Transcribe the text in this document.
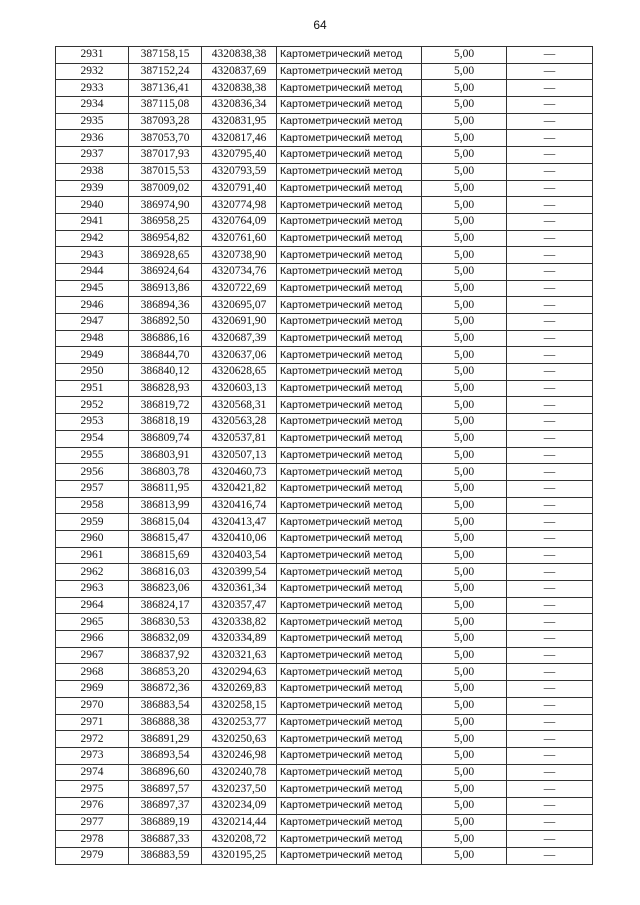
64
2931	387158,15	4320838,38	Картометрический метод	5,00	—
2932	387152,24	4320837,69	Картометрический метод	5,00	—
2933	387136,41	4320838,38	Картометрический метод	5,00	—
2934	387115,08	4320836,34	Картометрический метод	5,00	—
2935	387093,28	4320831,95	Картометрический метод	5,00	—
2936	387053,70	4320817,46	Картометрический метод	5,00	—
2937	387017,93	4320795,40	Картометрический метод	5,00	—
2938	387015,53	4320793,59	Картометрический метод	5,00	—
2939	387009,02	4320791,40	Картометрический метод	5,00	—
2940	386974,90	4320774,98	Картометрический метод	5,00	—
2941	386958,25	4320764,09	Картометрический метод	5,00	—
2942	386954,82	4320761,60	Картометрический метод	5,00	—
2943	386928,65	4320738,90	Картометрический метод	5,00	—
2944	386924,64	4320734,76	Картометрический метод	5,00	—
2945	386913,86	4320722,69	Картометрический метод	5,00	—
2946	386894,36	4320695,07	Картометрический метод	5,00	—
2947	386892,50	4320691,90	Картометрический метод	5,00	—
2948	386886,16	4320687,39	Картометрический метод	5,00	—
2949	386844,70	4320637,06	Картометрический метод	5,00	—
2950	386840,12	4320628,65	Картометрический метод	5,00	—
2951	386828,93	4320603,13	Картометрический метод	5,00	—
2952	386819,72	4320568,31	Картометрический метод	5,00	—
2953	386818,19	4320563,28	Картометрический метод	5,00	—
2954	386809,74	4320537,81	Картометрический метод	5,00	—
2955	386803,91	4320507,13	Картометрический метод	5,00	—
2956	386803,78	4320460,73	Картометрический метод	5,00	—
2957	386811,95	4320421,82	Картометрический метод	5,00	—
2958	386813,99	4320416,74	Картометрический метод	5,00	—
2959	386815,04	4320413,47	Картометрический метод	5,00	—
2960	386815,47	4320410,06	Картометрический метод	5,00	—
2961	386815,69	4320403,54	Картометрический метод	5,00	—
2962	386816,03	4320399,54	Картометрический метод	5,00	—
2963	386823,06	4320361,34	Картометрический метод	5,00	—
2964	386824,17	4320357,47	Картометрический метод	5,00	—
2965	386830,53	4320338,82	Картометрический метод	5,00	—
2966	386832,09	4320334,89	Картометрический метод	5,00	—
2967	386837,92	4320321,63	Картометрический метод	5,00	—
2968	386853,20	4320294,63	Картометрический метод	5,00	—
2969	386872,36	4320269,83	Картометрический метод	5,00	—
2970	386883,54	4320258,15	Картометрический метод	5,00	—
2971	386888,38	4320253,77	Картометрический метод	5,00	—
2972	386891,29	4320250,63	Картометрический метод	5,00	—
2973	386893,54	4320246,98	Картометрический метод	5,00	—
2974	386896,60	4320240,78	Картометрический метод	5,00	—
2975	386897,57	4320237,50	Картометрический метод	5,00	—
2976	386897,37	4320234,09	Картометрический метод	5,00	—
2977	386889,19	4320214,44	Картометрический метод	5,00	—
2978	386887,33	4320208,72	Картометрический метод	5,00	—
2979	386883,59	4320195,25	Картометрический метод	5,00	—
